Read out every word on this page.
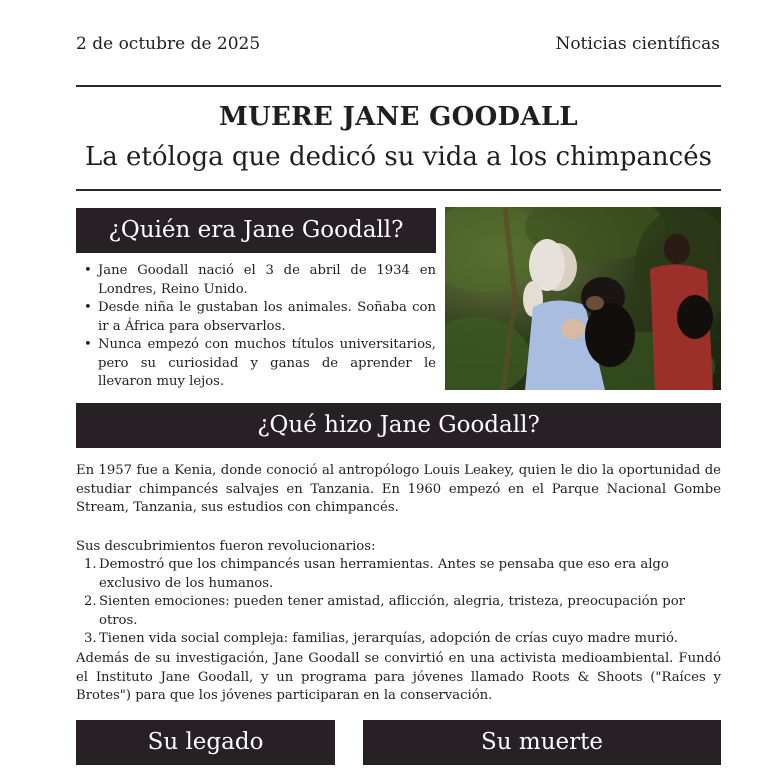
2 de octubre de 2025	Noticias científicas
MUERE JANE GOODALL
La etóloga que dedicó su vida a los chimpancés
¿Quién era Jane Goodall?
• Jane Goodall nació el 3 de abril de 1934 en Londres, Reino Unido.
• Desde niña le gustaban los animales. Soñaba con ir a África para observarlos.
• Nunca empezó con muchos títulos universitarios, pero su curiosidad y ganas de aprender le llevaron muy lejos.
¿Qué hizo Jane Goodall?

En 1957 fue a Kenia, donde conoció al antropólogo Louis Leakey, quien le dio la oportunidad de estudiar chimpancés salvajes en Tanzania. En 1960 empezó en el Parque Nacional Gombe Stream, Tanzania, sus estudios con chimpancés.

Sus descubrimientos fueron revolucionarios:

1. Demostró que los chimpancés usan herramientas. Antes se pensaba que eso era algo exclusivo de los humanos.
2. Sienten emociones: pueden tener amistad, aflicción, alegria, tristeza, preocupación por otros.
3. Tienen vida social compleja: familias, jerarquías, adopción de crías cuyo madre murió.

Además de su investigación, Jane Goodall se convirtió en una activista medioambiental. Fundó el Instituto Jane Goodall, y un programa para jóvenes llamado Roots & Shoots ("Raíces y Brotes") para que los jóvenes participaran en la conservación.

Su legado	Su muerte
